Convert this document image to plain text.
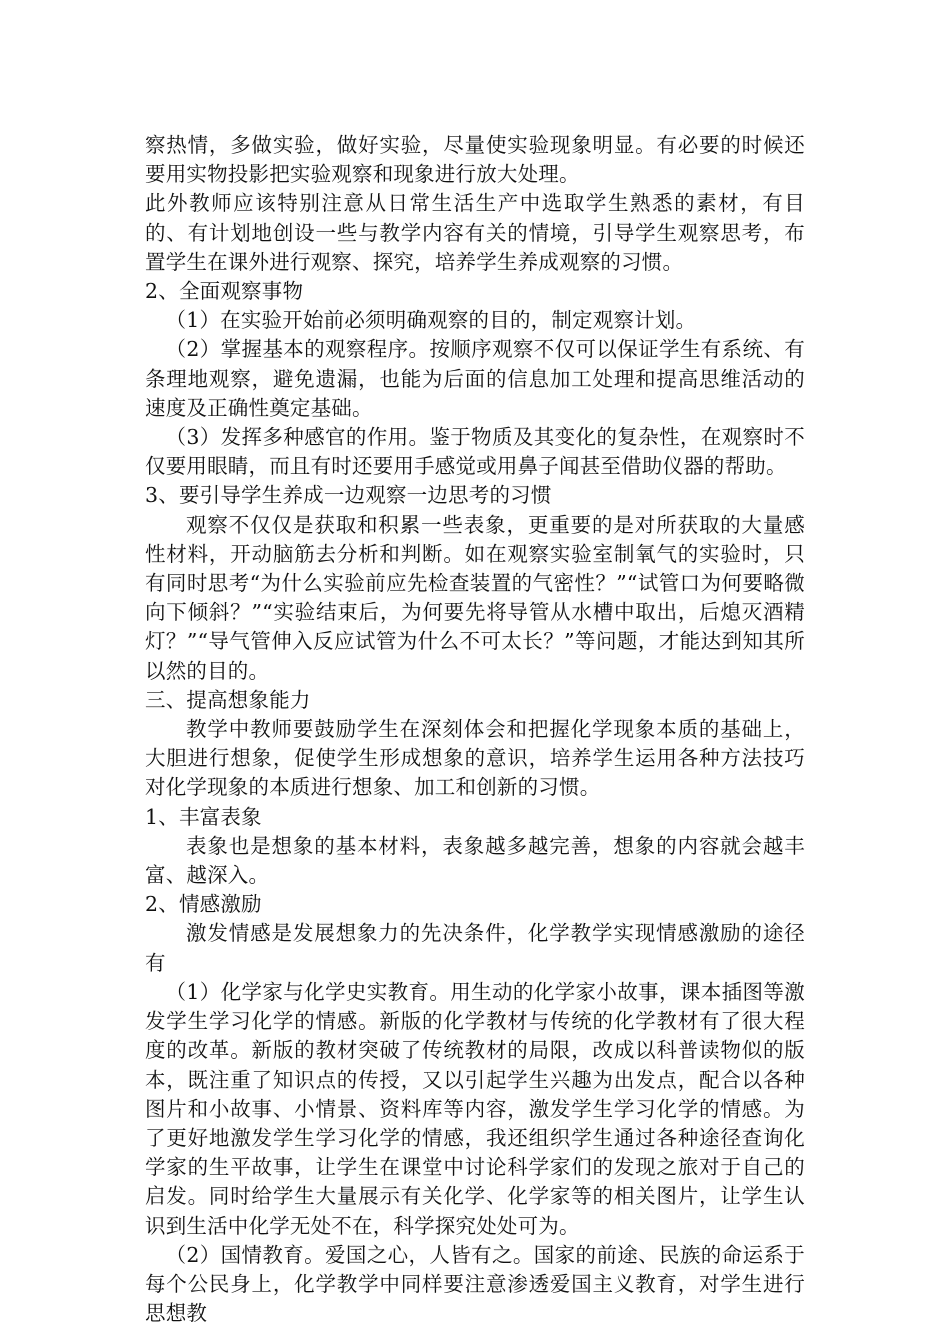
察热情，多做实验，做好实验，尽量使实验现象明显。有必要的时候还要用实物投影把实验观察和现象进行放大处理。

此外教师应该特别注意从日常生活生产中选取学生熟悉的素材，有目的、有计划地创设一些与教学内容有关的情境，引导学生观察思考，布置学生在课外进行观察、探究，培养学生养成观察的习惯。

2、全面观察事物

（1）在实验开始前必须明确观察的目的，制定观察计划。

（2）掌握基本的观察程序。按顺序观察不仅可以保证学生有系统、有条理地观察，避免遗漏，也能为后面的信息加工处理和提高思维活动的速度及正确性奠定基础。

（3）发挥多种感官的作用。鉴于物质及其变化的复杂性，在观察时不仅要用眼睛，而且有时还要用手感觉或用鼻子闻甚至借助仪器的帮助。

3、要引导学生养成一边观察一边思考的习惯

观察不仅仅是获取和积累一些表象，更重要的是对所获取的大量感性材料，开动脑筋去分析和判断。如在观察实验室制氧气的实验时，只有同时思考“为什么实验前应先检查装置的气密性？”“试管口为何要略微向下倾斜？”“实验结束后，为何要先将导管从水槽中取出，后熄灭酒精灯？”“导气管伸入反应试管为什么不可太长？”等问题，才能达到知其所以然的目的。

三、提高想象能力

教学中教师要鼓励学生在深刻体会和把握化学现象本质的基础上，大胆进行想象，促使学生形成想象的意识，培养学生运用各种方法技巧对化学现象的本质进行想象、加工和创新的习惯。

1、丰富表象

表象也是想象的基本材料，表象越多越完善，想象的内容就会越丰富、越深入。

2、情感激励

激发情感是发展想象力的先决条件，化学教学实现情感激励的途径有

（1）化学家与化学史实教育。用生动的化学家小故事，课本插图等激发学生学习化学的情感。新版的化学教材与传统的化学教材有了很大程度的改革。新版的教材突破了传统教材的局限，改成以科普读物似的版本，既注重了知识点的传授，又以引起学生兴趣为出发点，配合以各种图片和小故事、小情景、资料库等内容，激发学生学习化学的情感。为了更好地激发学生学习化学的情感，我还组织学生通过各种途径查询化学家的生平故事，让学生在课堂中讨论科学家们的发现之旅对于自己的启发。同时给学生大量展示有关化学、化学家等的相关图片，让学生认识到生活中化学无处不在，科学探究处处可为。

（2）国情教育。爱国之心，人皆有之。国家的前途、民族的命运系于每个公民身上，化学教学中同样要注意渗透爱国主义教育，对学生进行思想教
